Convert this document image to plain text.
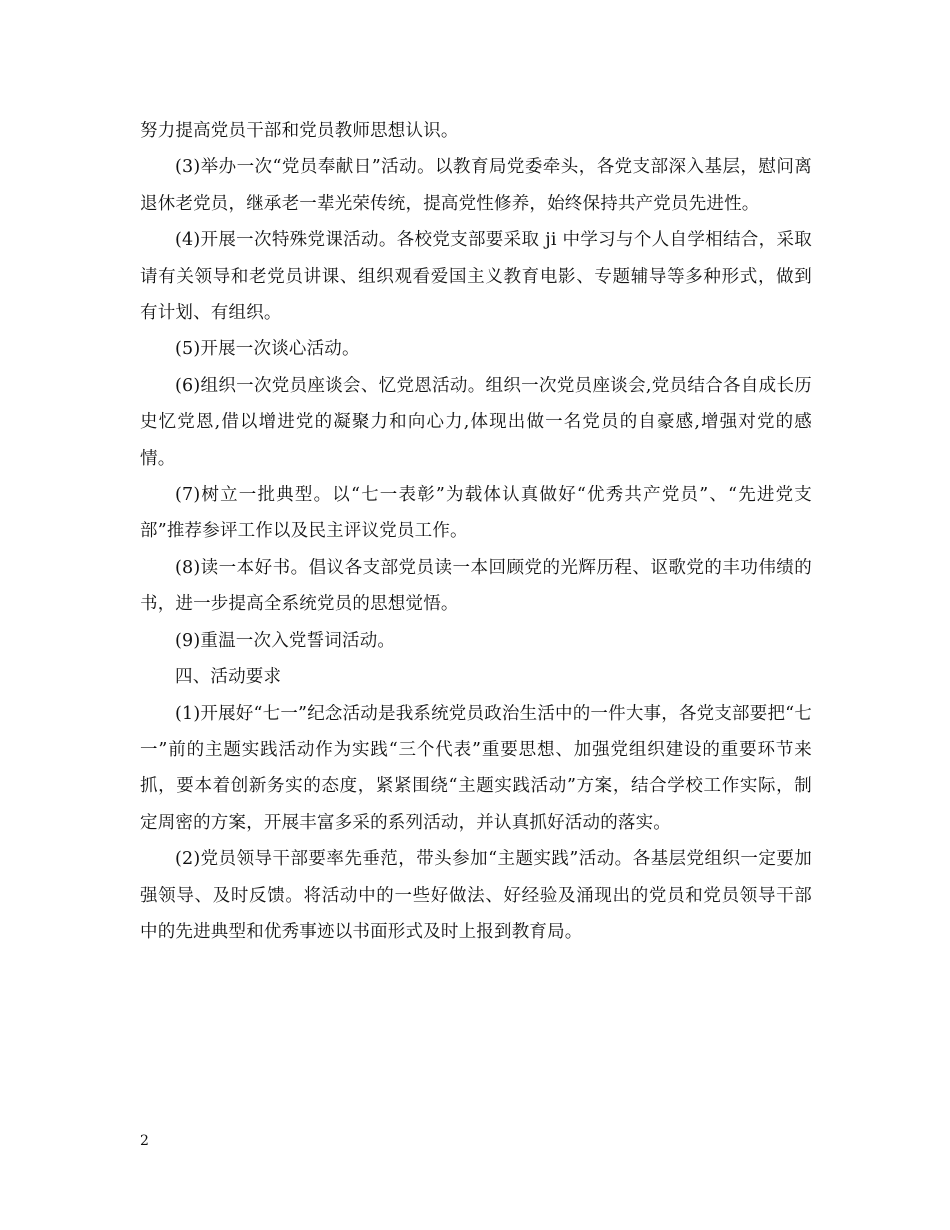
努力提高党员干部和党员教师思想认识。

(3)举办一次“党员奉献日”活动。以教育局党委牵头，各党支部深入基层，慰问离退休老党员，继承老一辈光荣传统，提高党性修养，始终保持共产党员先进性。

(4)开展一次特殊党课活动。各校党支部要采取 ji 中学习与个人自学相结合，采取请有关领导和老党员讲课、组织观看爱国主义教育电影、专题辅导等多种形式，做到有计划、有组织。

(5)开展一次谈心活动。

(6)组织一次党员座谈会、忆党恩活动。组织一次党员座谈会,党员结合各自成长历史忆党恩,借以增进党的凝聚力和向心力,体现出做一名党员的自豪感,增强对党的感情。

(7)树立一批典型。以“七一表彰”为载体认真做好“优秀共产党员”、“先进党支部”推荐参评工作以及民主评议党员工作。

(8)读一本好书。倡议各支部党员读一本回顾党的光辉历程、讴歌党的丰功伟绩的书，进一步提高全系统党员的思想觉悟。

(9)重温一次入党誓词活动。

四、活动要求

(1)开展好“七一”纪念活动是我系统党员政治生活中的一件大事，各党支部要把“七一”前的主题实践活动作为实践“三个代表”重要思想、加强党组织建设的重要环节来抓，要本着创新务实的态度，紧紧围绕“主题实践活动”方案，结合学校工作实际，制定周密的方案，开展丰富多采的系列活动，并认真抓好活动的落实。

(2)党员领导干部要率先垂范，带头参加“主题实践”活动。各基层党组织一定要加强领导、及时反馈。将活动中的一些好做法、好经验及涌现出的党员和党员领导干部中的先进典型和优秀事迹以书面形式及时上报到教育局。

2
